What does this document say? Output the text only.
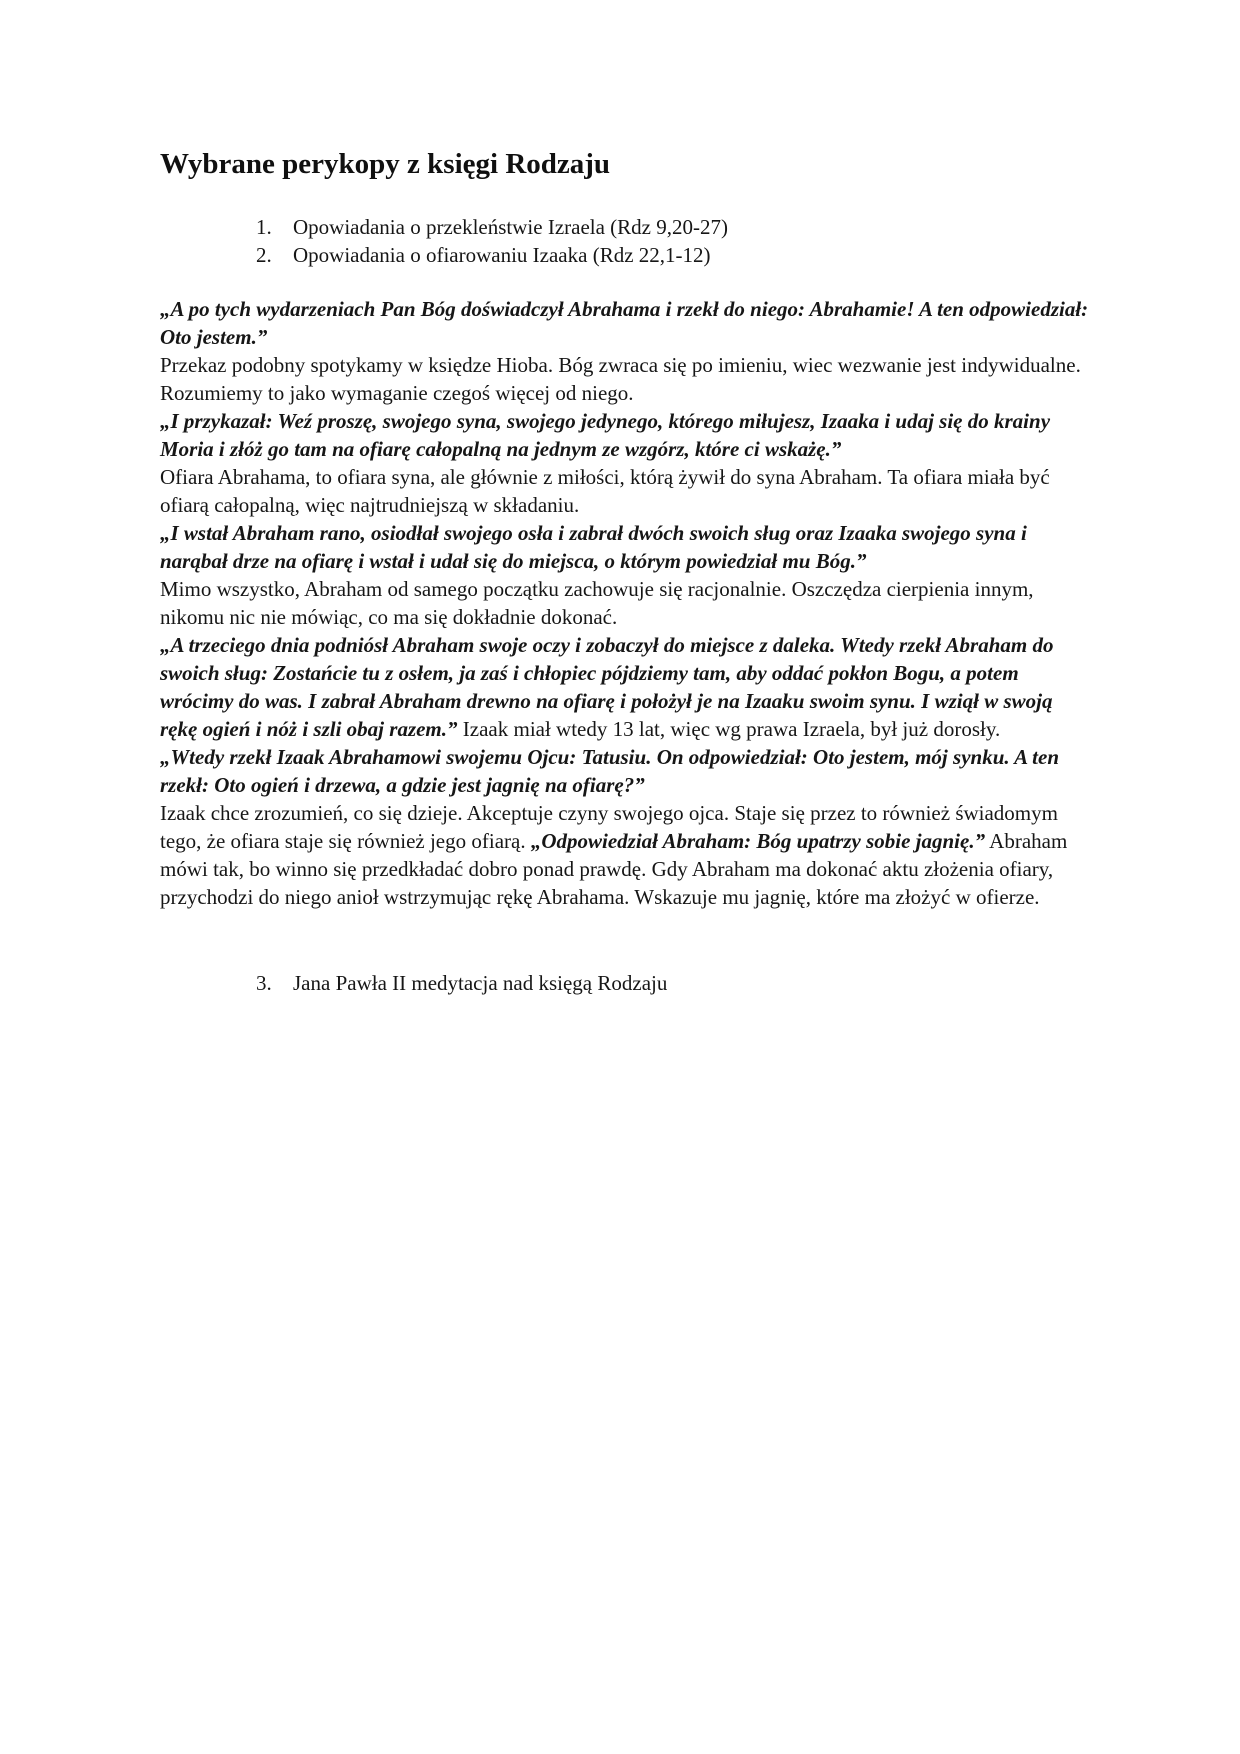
Wybrane perykopy z księgi Rodzaju
1.	Opowiadania o przekleństwie Izraela (Rdz 9,20-27)
2.	Opowiadania o ofiarowaniu Izaaka (Rdz 22,1-12)

„A po tych wydarzeniach Pan Bóg doświadczył Abrahama i rzekł do niego: Abrahamie! A ten odpowiedział: Oto jestem.”

Przekaz podobny spotykamy w księdze Hioba. Bóg zwraca się po imieniu, wiec wezwanie jest indywidualne. Rozumiemy to jako wymaganie czegoś więcej od niego.

„I przykazał: Weź proszę, swojego syna, swojego jedynego, którego miłujesz, Izaaka i udaj się do krainy Moria i złóż go tam na ofiarę całopalną na jednym ze wzgórz, które ci wskażę.”

Ofiara Abrahama, to ofiara syna, ale głównie z miłości, którą żywił do syna Abraham. Ta ofiara miała być ofiarą całopalną, więc najtrudniejszą w składaniu.

„I wstał Abraham rano, osiodłał swojego osła i zabrał dwóch swoich sług oraz Izaaka swojego syna i narąbał drze na ofiarę i wstał i udał się do miejsca, o którym powiedział mu Bóg.”

Mimo wszystko, Abraham od samego początku zachowuje się racjonalnie. Oszczędza cierpienia innym, nikomu nic nie mówiąc, co ma się dokładnie dokonać.

„A trzeciego dnia podniósł Abraham swoje oczy i zobaczył do miejsce z daleka. Wtedy rzekł Abraham do swoich sług: Zostańcie tu z osłem, ja zaś i chłopiec pójdziemy tam, aby oddać pokłon Bogu, a potem wrócimy do was. I zabrał Abraham drewno na ofiarę i położył je na Izaaku swoim synu. I wziął w swoją rękę ogień i nóż i szli obaj razem.” Izaak miał wtedy 13 lat, więc wg prawa Izraela, był już dorosły.

„Wtedy rzekł Izaak Abrahamowi swojemu Ojcu: Tatusiu. On odpowiedział: Oto jestem, mój synku. A ten rzekł: Oto ogień i drzewa, a gdzie jest jagnię na ofiarę?”

Izaak chce zrozumień, co się dzieje. Akceptuje czyny swojego ojca. Staje się przez to również świadomym tego, że ofiara staje się również jego ofiarą. „Odpowiedział Abraham: Bóg upatrzy sobie jagnię.” Abraham mówi tak, bo winno się przedkładać dobro ponad prawdę. Gdy Abraham ma dokonać aktu złożenia ofiary, przychodzi do niego anioł wstrzymując rękę Abrahama. Wskazuje mu jagnię, które ma złożyć w ofierze.

3.	Jana Pawła II medytacja nad księgą Rodzaju
